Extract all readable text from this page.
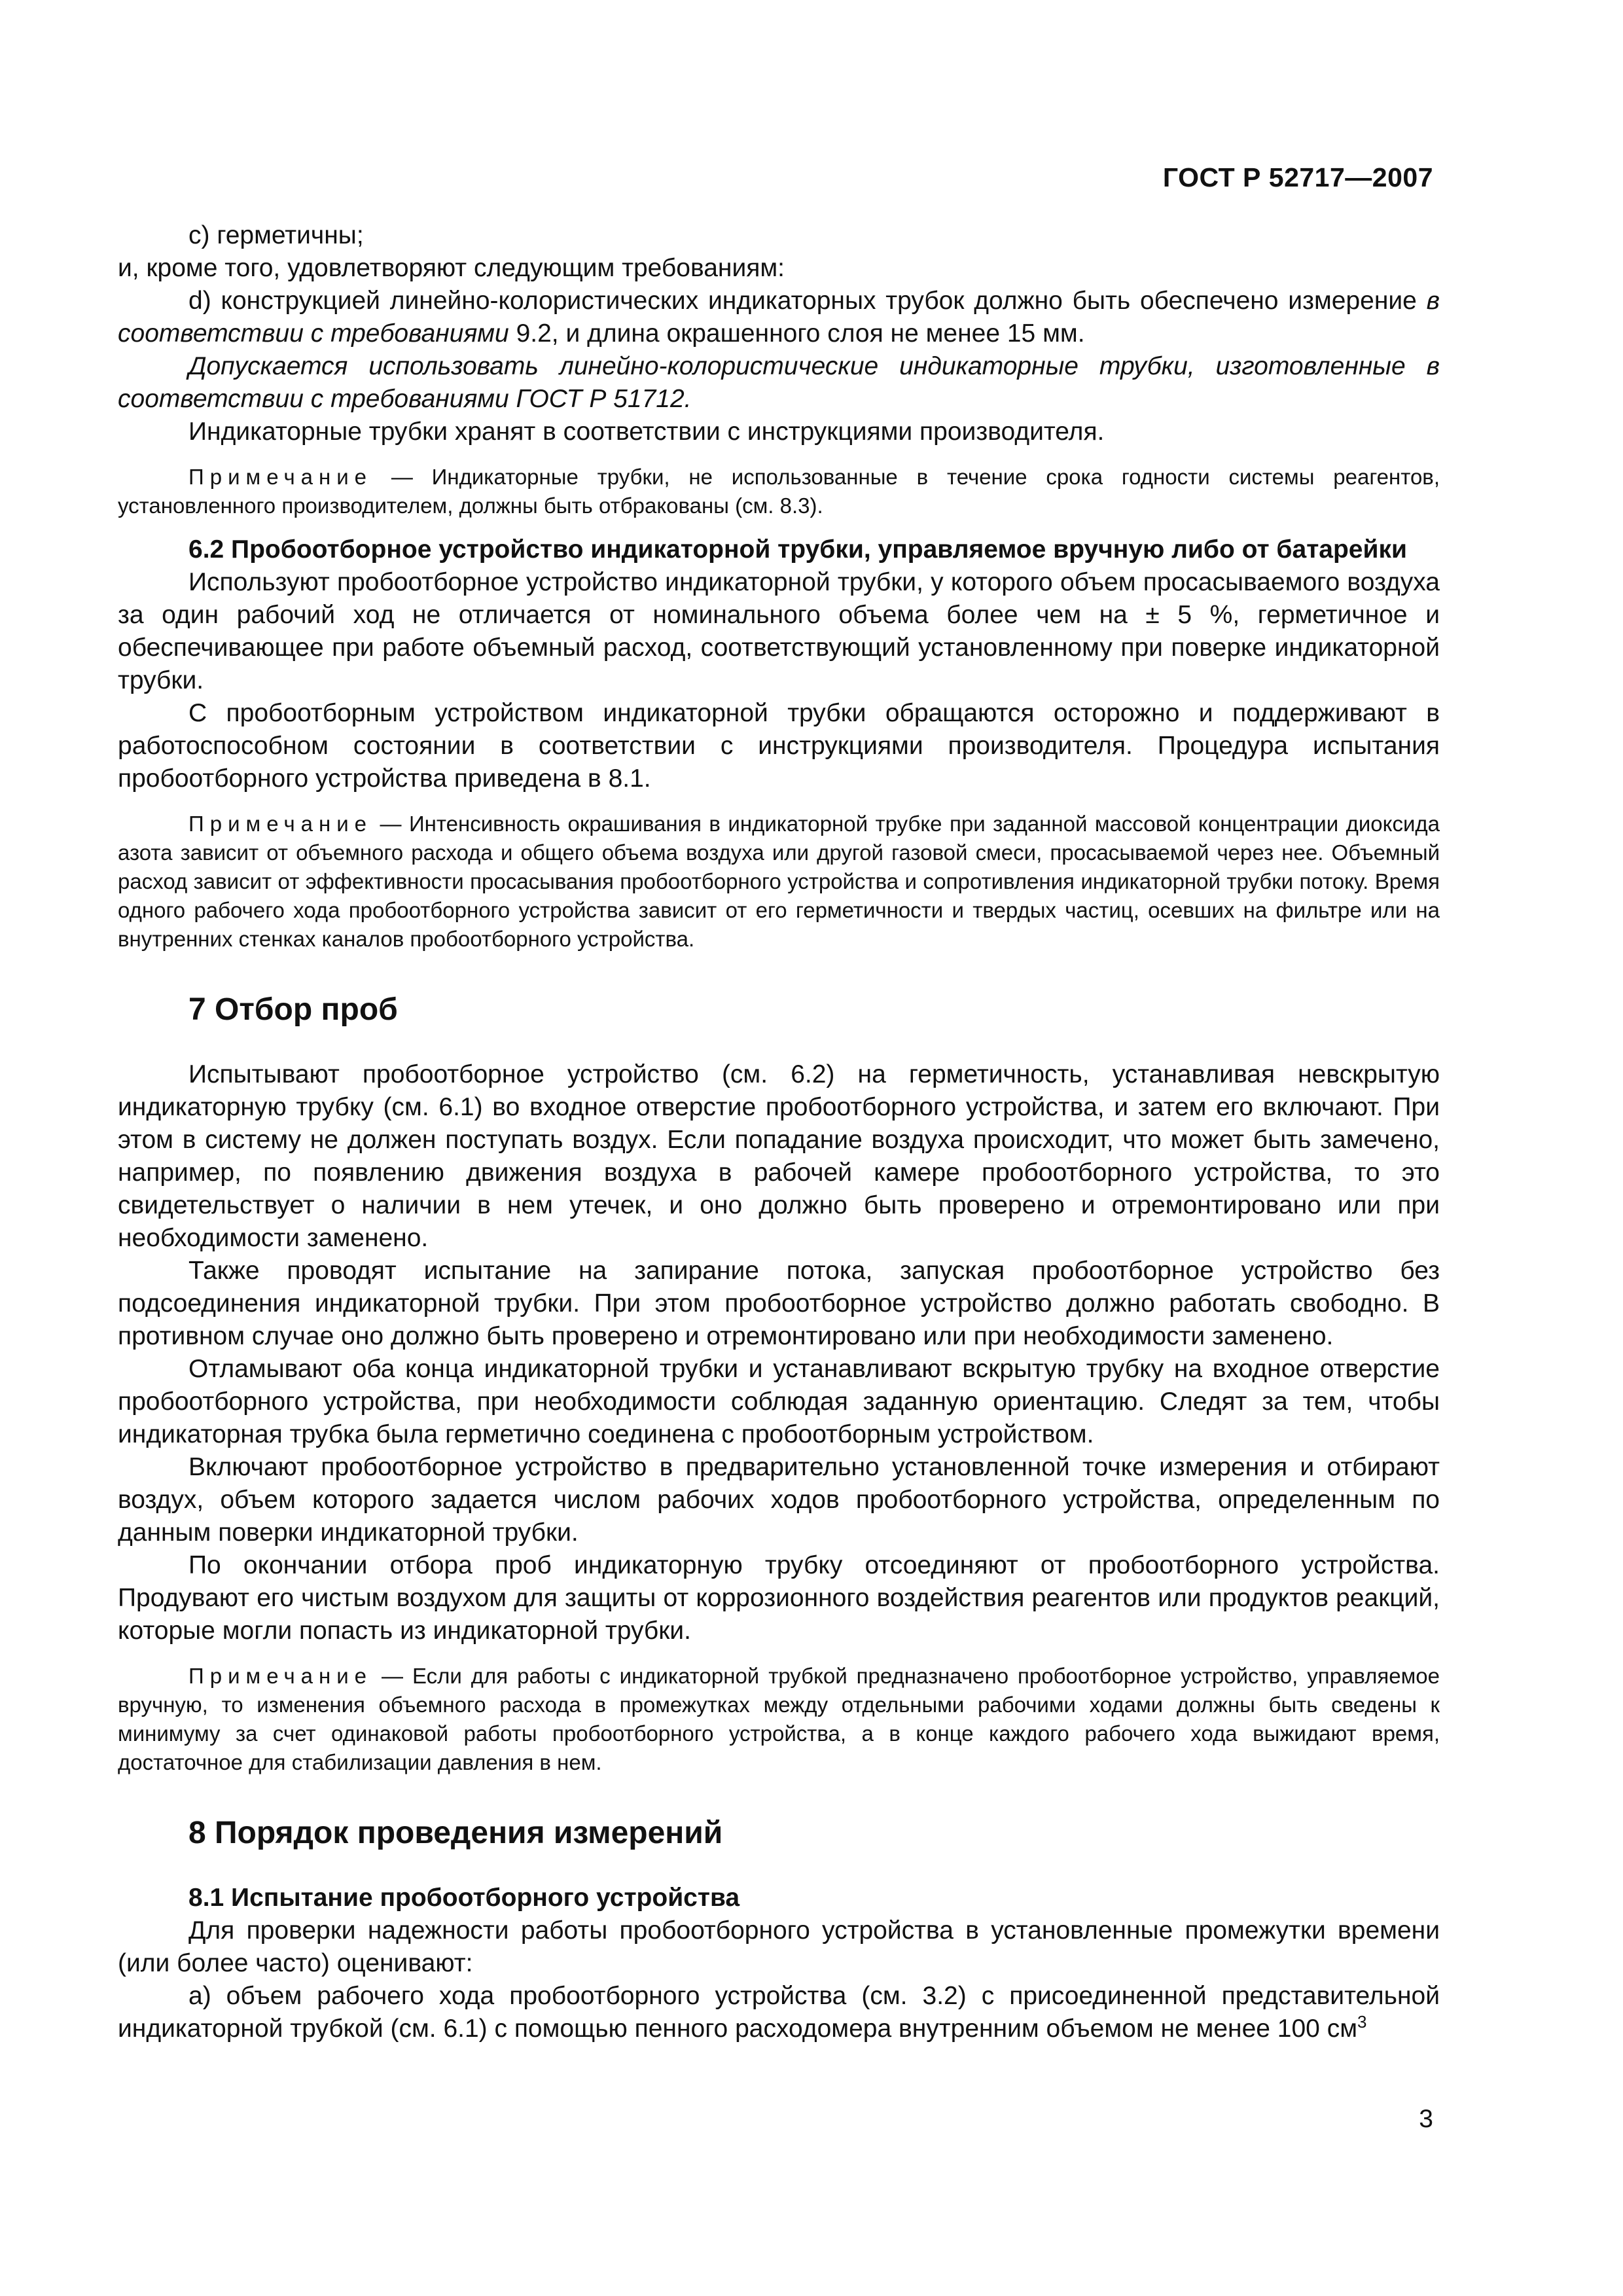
ГОСТ Р 52717—2007

c) герметичны;

и, кроме того, удовлетворяют следующим требованиям:

d) конструкцией линейно-колористических индикаторных трубок должно быть обеспечено измерение в соответствии с требованиями 9.2, и длина окрашенного слоя не менее 15 мм.

Допускается использовать линейно-колористические индикаторные трубки, изготовленные в соответствии с требованиями ГОСТ Р 51712.

Индикаторные трубки хранят в соответствии с инструкциями производителя.

Примечание — Индикаторные трубки, не использованные в течение срока годности системы реагентов, установленного производителем, должны быть отбракованы (см. 8.3).

6.2 Пробоотборное устройство индикаторной трубки, управляемое вручную либо от батарейки

Используют пробоотборное устройство индикаторной трубки, у которого объем просасываемого воздуха за один рабочий ход не отличается от номинального объема более чем на ± 5 %, герметичное и обеспечивающее при работе объемный расход, соответствующий установленному при поверке индикаторной трубки.

С пробоотборным устройством индикаторной трубки обращаются осторожно и поддерживают в работоспособном состоянии в соответствии с инструкциями производителя. Процедура испытания пробоотборного устройства приведена в 8.1.

Примечание — Интенсивность окрашивания в индикаторной трубке при заданной массовой концентрации диоксида азота зависит от объемного расхода и общего объема воздуха или другой газовой смеси, просасываемой через нее. Объемный расход зависит от эффективности просасывания пробоотборного устройства и сопротивления индикаторной трубки потоку. Время одного рабочего хода пробоотборного устройства зависит от его герметичности и твердых частиц, осевших на фильтре или на внутренних стенках каналов пробоотборного устройства.

7 Отбор проб

Испытывают пробоотборное устройство (см. 6.2) на герметичность, устанавливая невскрытую индикаторную трубку (см. 6.1) во входное отверстие пробоотборного устройства, и затем его включают. При этом в систему не должен поступать воздух. Если попадание воздуха происходит, что может быть замечено, например, по появлению движения воздуха в рабочей камере пробоотборного устройства, то это свидетельствует о наличии в нем утечек, и оно должно быть проверено и отремонтировано или при необходимости заменено.

Также проводят испытание на запирание потока, запуская пробоотборное устройство без подсоединения индикаторной трубки. При этом пробоотборное устройство должно работать свободно. В противном случае оно должно быть проверено и отремонтировано или при необходимости заменено.

Отламывают оба конца индикаторной трубки и устанавливают вскрытую трубку на входное отверстие пробоотборного устройства, при необходимости соблюдая заданную ориентацию. Следят за тем, чтобы индикаторная трубка была герметично соединена с пробоотборным устройством.

Включают пробоотборное устройство в предварительно установленной точке измерения и отбирают воздух, объем которого задается числом рабочих ходов пробоотборного устройства, определенным по данным поверки индикаторной трубки.

По окончании отбора проб индикаторную трубку отсоединяют от пробоотборного устройства. Продувают его чистым воздухом для защиты от коррозионного воздействия реагентов или продуктов реакций, которые могли попасть из индикаторной трубки.

Примечание — Если для работы с индикаторной трубкой предназначено пробоотборное устройство, управляемое вручную, то изменения объемного расхода в промежутках между отдельными рабочими ходами должны быть сведены к минимуму за счет одинаковой работы пробоотборного устройства, а в конце каждого рабочего хода выжидают время, достаточное для стабилизации давления в нем.

8 Порядок проведения измерений

8.1 Испытание пробоотборного устройства

Для проверки надежности работы пробоотборного устройства в установленные промежутки времени (или более часто) оценивают:

а) объем рабочего хода пробоотборного устройства (см. 3.2) с присоединенной представительной индикаторной трубкой (см. 6.1) с помощью пенного расходомера внутренним объемом не менее 100 $см^3$

3
